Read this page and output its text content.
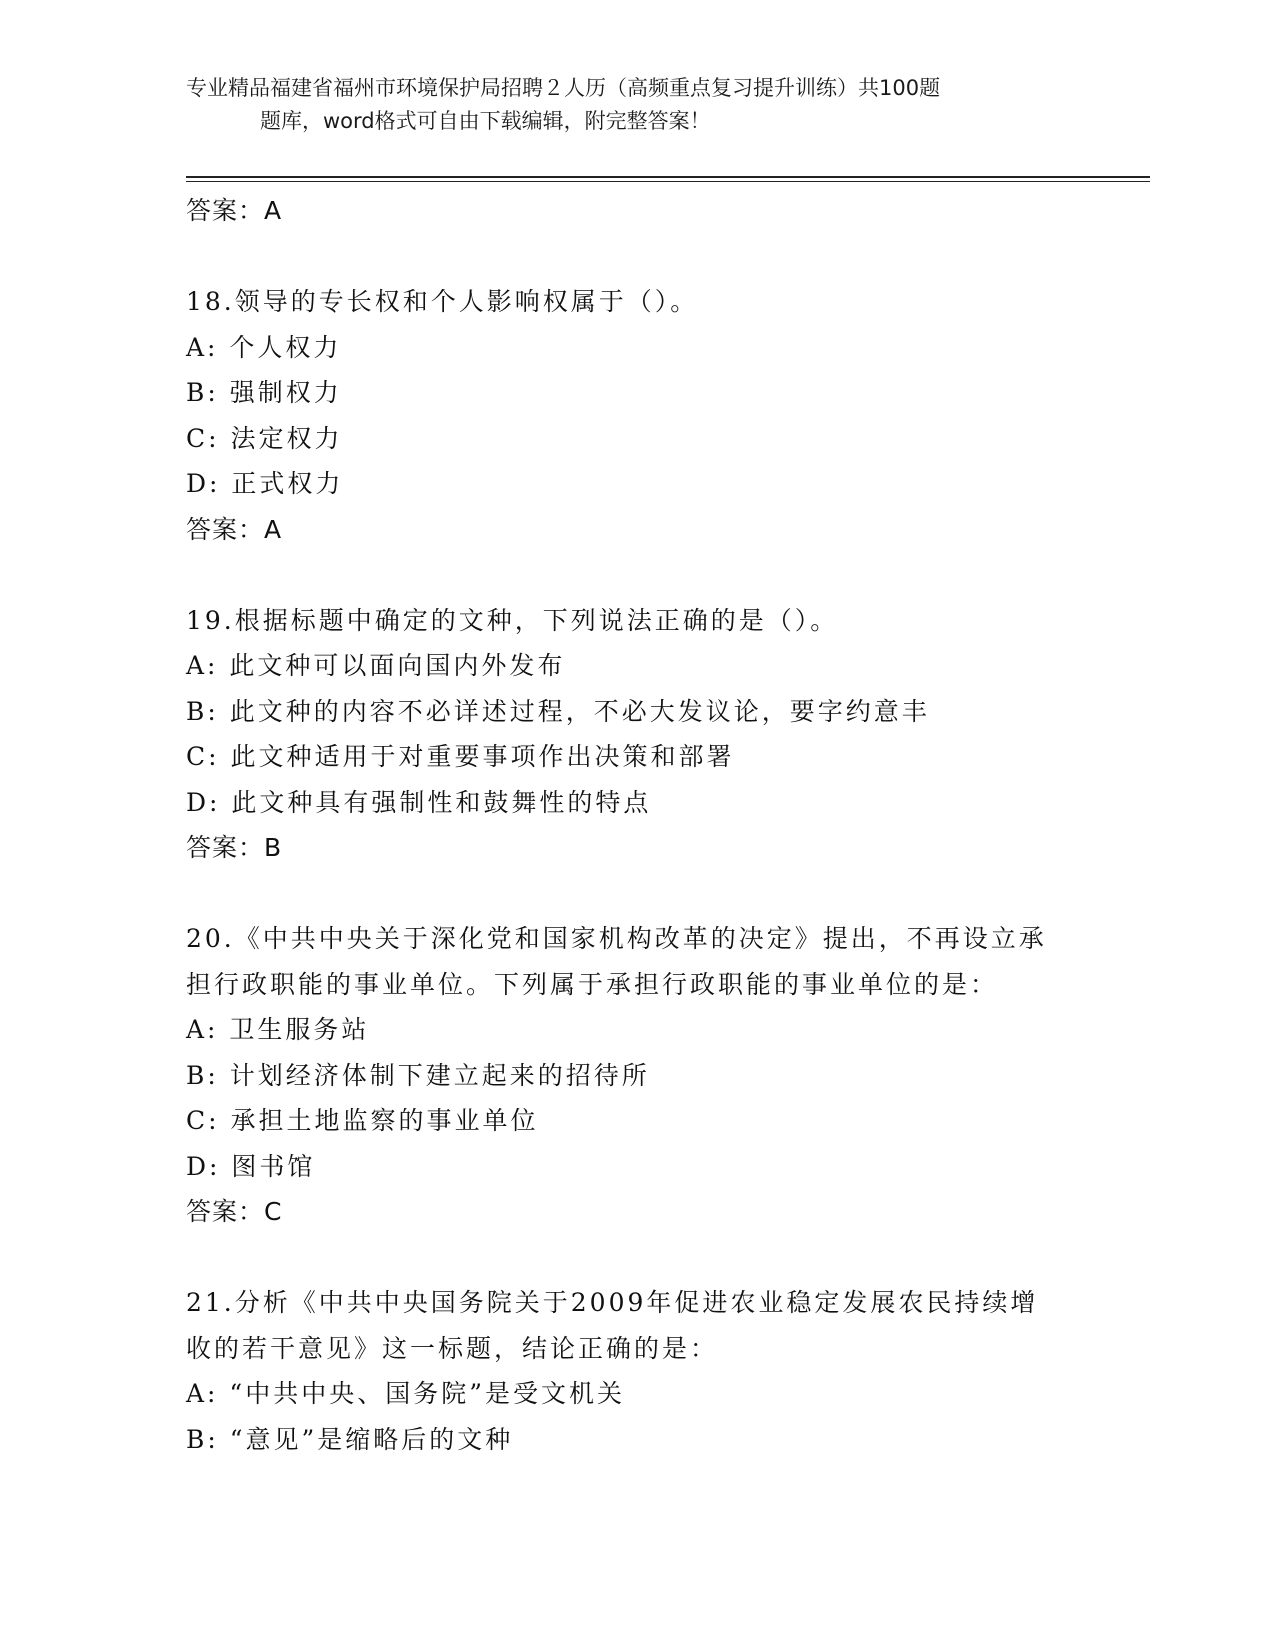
专业精品福建省福州市环境保护局招聘２人历（高频重点复习提升训练）共100题
题库，word格式可自由下载编辑，附完整答案！
答案：A
18.领导的专长权和个人影响权属于（）。
A: 个人权力
B: 强制权力
C: 法定权力
D: 正式权力
答案：A
19.根据标题中确定的文种，下列说法正确的是（）。
A: 此文种可以面向国内外发布
B: 此文种的内容不必详述过程，不必大发议论，要字约意丰
C: 此文种适用于对重要事项作出决策和部署
D: 此文种具有强制性和鼓舞性的特点
答案：B
20.《中共中央关于深化党和国家机构改革的决定》提出，不再设立承
担行政职能的事业单位。下列属于承担行政职能的事业单位的是：
A: 卫生服务站
B: 计划经济体制下建立起来的招待所
C: 承担土地监察的事业单位
D: 图书馆
答案：C
21.分析《中共中央国务院关于2009年促进农业稳定发展农民持续增
收的若干意见》这一标题，结论正确的是：
A: “中共中央、国务院”是受文机关
B: “意见”是缩略后的文种
